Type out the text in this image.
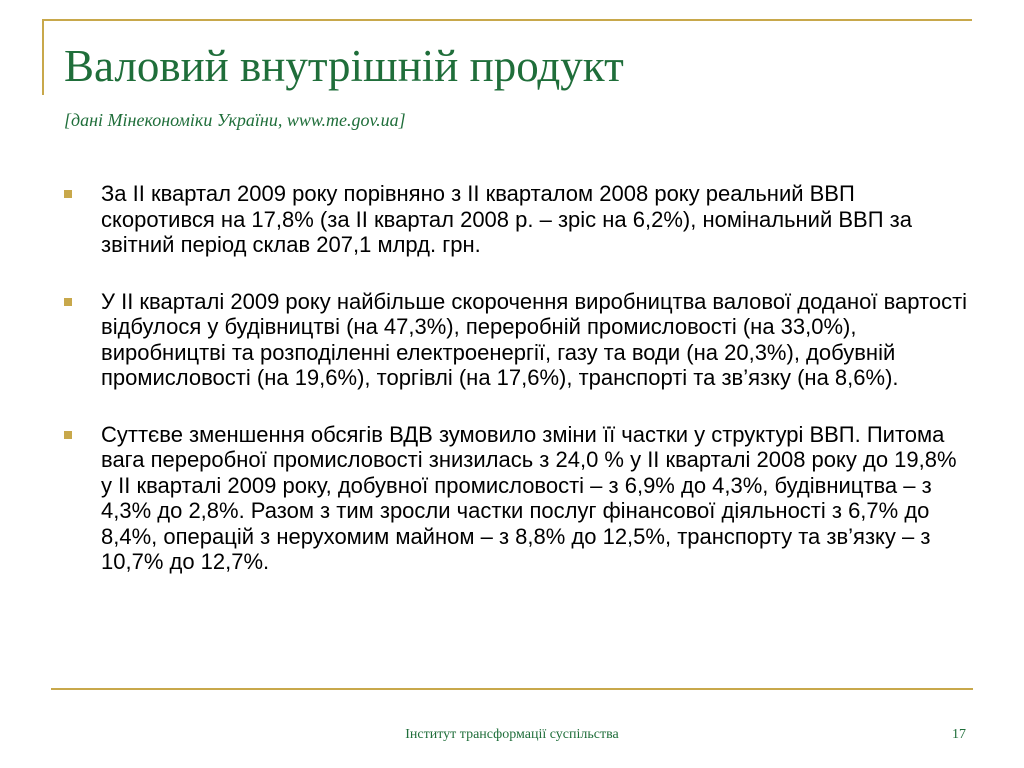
Валовий внутрішній продукт

[дані Мінекономіки України, www.me.gov.ua]

За II квартал 2009 року порівняно з II кварталом 2008 року реальний ВВП скоротився на 17,8% (за II квартал 2008 р. – зріс на 6,2%), номінальний ВВП за звітний період склав 207,1 млрд. грн.
У II кварталі 2009 року найбільше скорочення виробництва валової доданої вартості відбулося у будівництві (на 47,3%), переробній промисловості (на 33,0%), виробництві та розподіленні електроенергії, газу та води (на 20,3%), добувній промисловості (на 19,6%), торгівлі (на 17,6%), транспорті та зв’язку (на 8,6%).
Суттєве зменшення обсягів ВДВ зумовило зміни її частки у структурі ВВП. Питома вага переробної промисловості знизилась з 24,0 % у II кварталі 2008 року до 19,8% у II кварталі 2009 року, добувної промисловості – з 6,9% до 4,3%, будівництва – з 4,3% до 2,8%. Разом з тим зросли частки послуг фінансової діяльності з 6,7% до 8,4%, операцій з нерухомим майном – з 8,8% до 12,5%, транспорту та зв’язку – з 10,7% до 12,7%.
Інститут трансформації суспільства	17
